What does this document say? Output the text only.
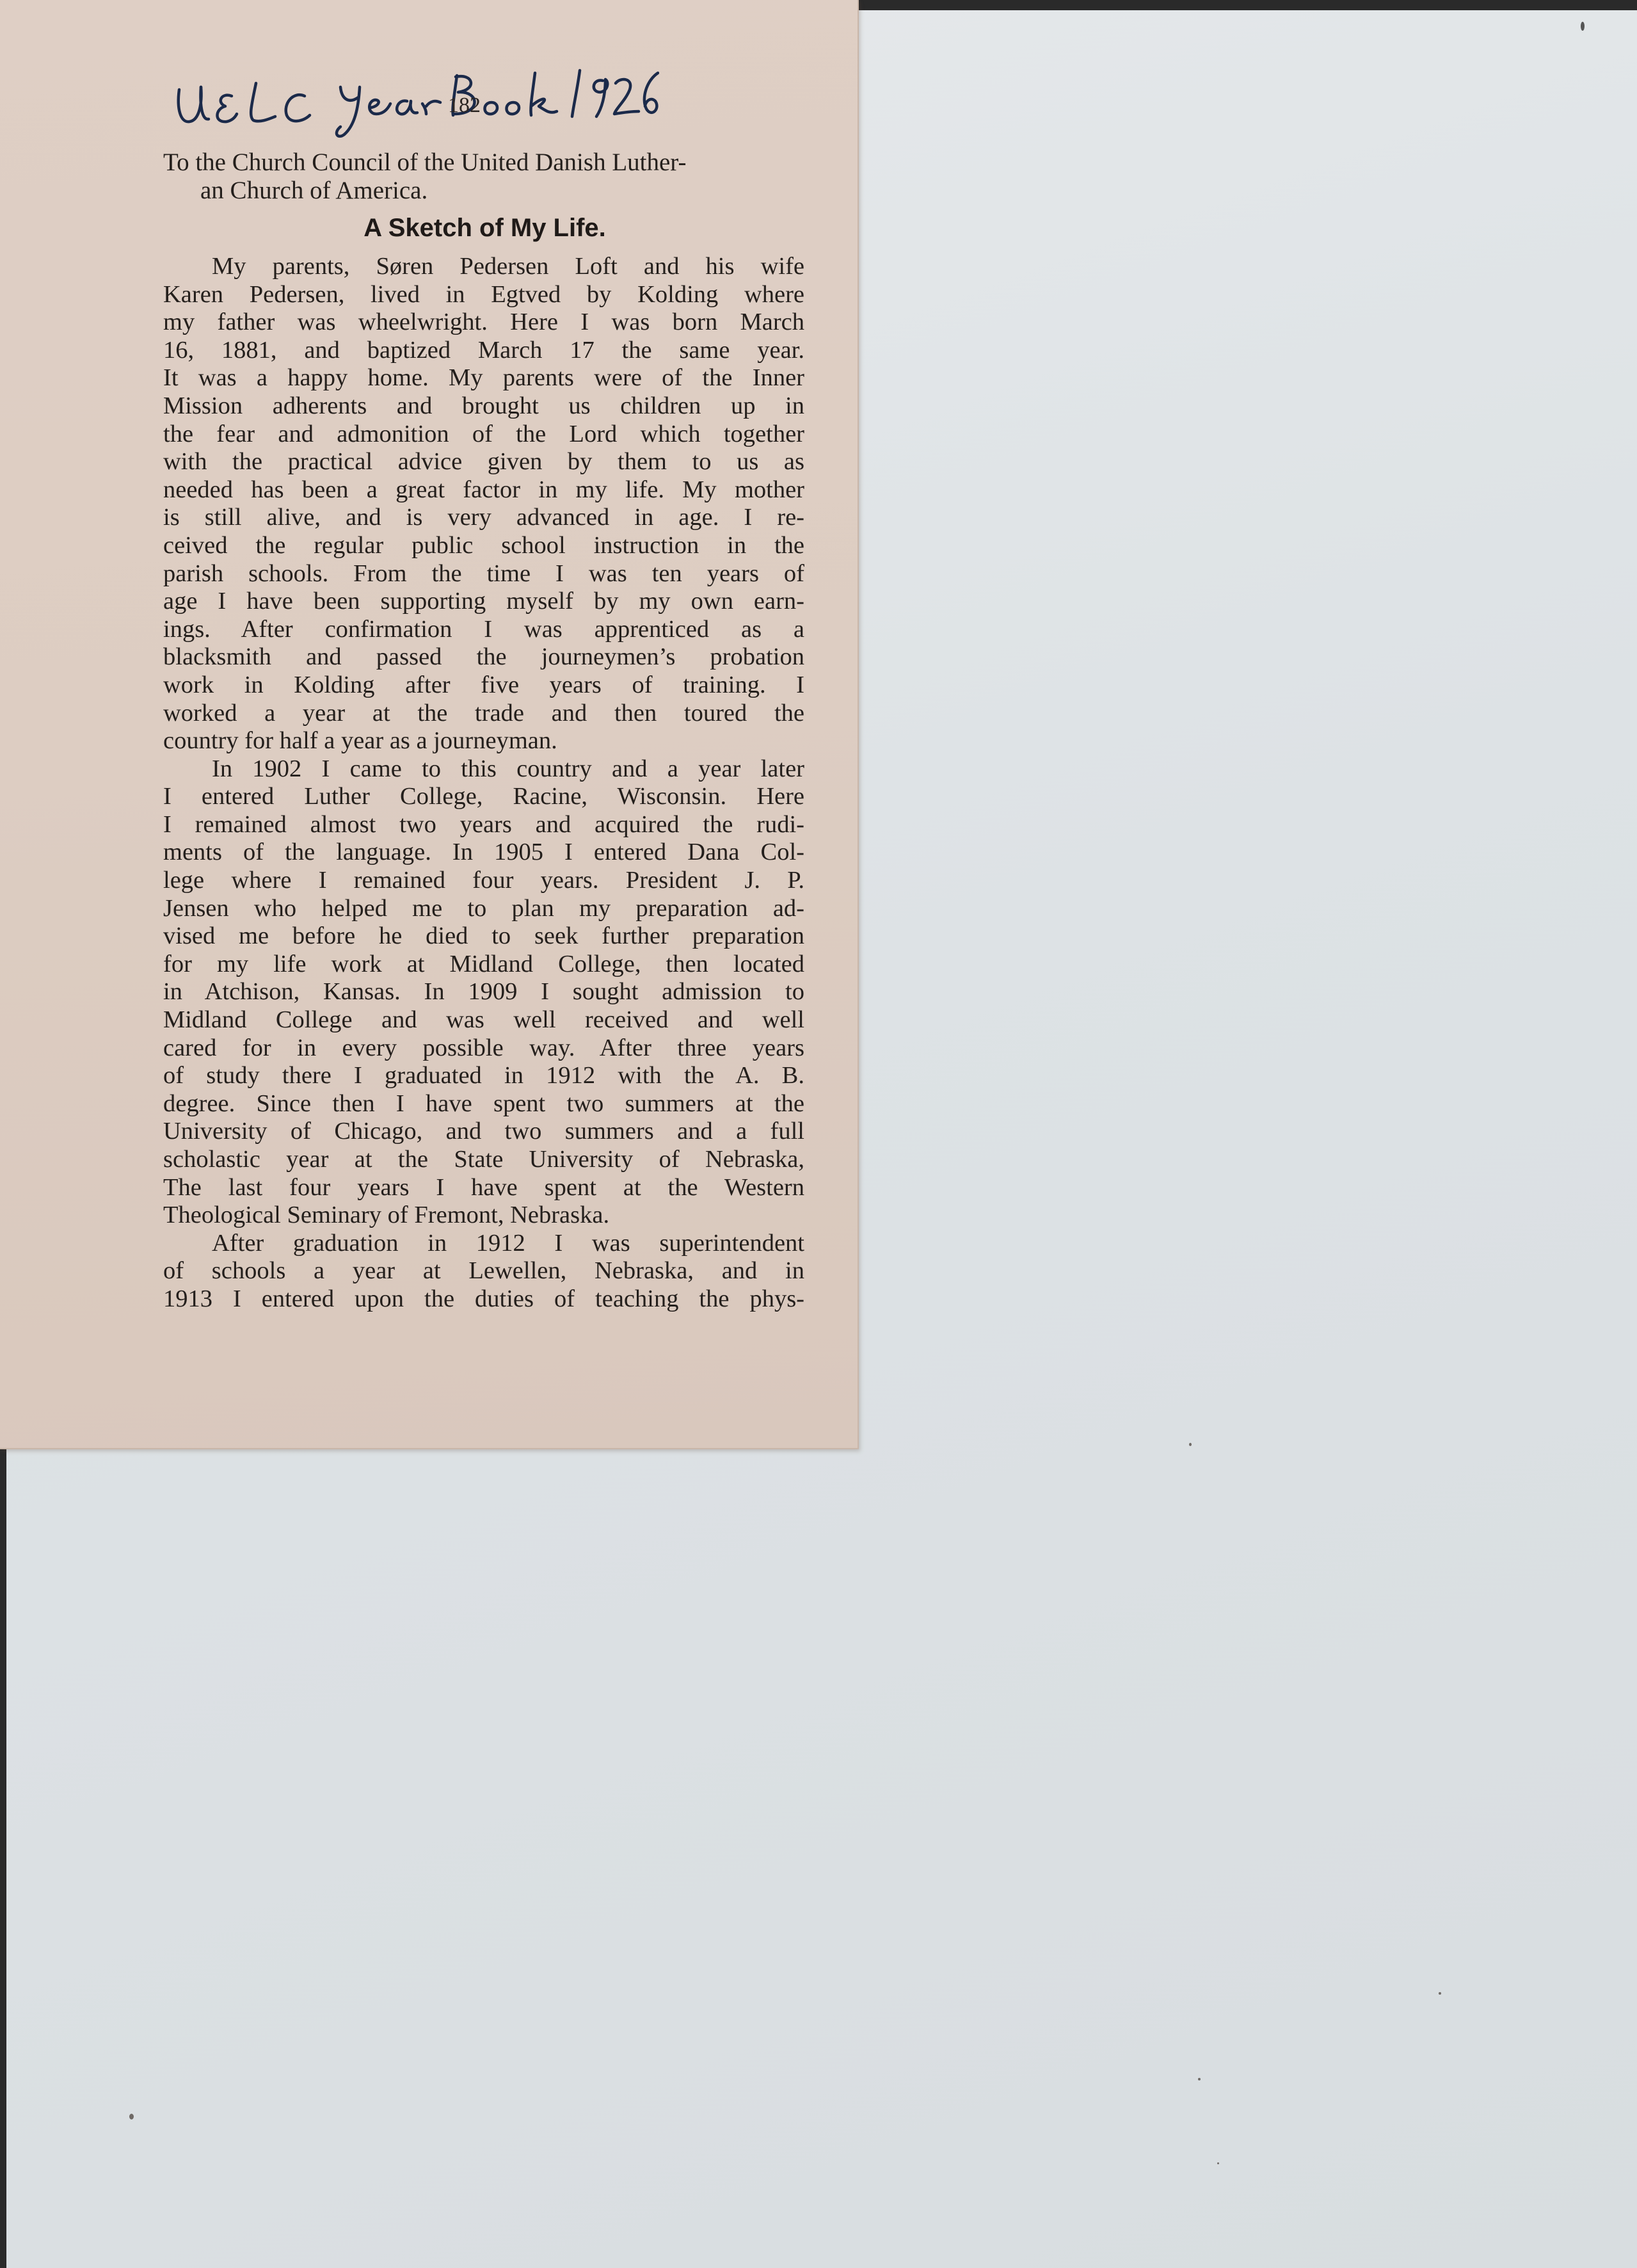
182
To the Church Council of the United Danish Luther-
an Church of America.
A Sketch of My Life.
My parents, Søren Pedersen Loft and his wife
Karen Pedersen, lived in Egtved by Kolding where
my father was wheelwright. Here I was born March
16, 1881, and baptized March 17 the same year.
It was a happy home. My parents were of the Inner
Mission adherents and brought us children up in
the fear and admonition of the Lord which together
with the practical advice given by them to us as
needed has been a great factor in my life. My mother
is still alive, and is very advanced in age. I re-
ceived the regular public school instruction in the
parish schools. From the time I was ten years of
age I have been supporting myself by my own earn-
ings. After confirmation I was apprenticed as a
blacksmith and passed the journeymen’s probation
work in Kolding after five years of training. I
worked a year at the trade and then toured the
country for half a year as a journeyman.
In 1902 I came to this country and a year later
I entered Luther College, Racine, Wisconsin. Here
I remained almost two years and acquired the rudi-
ments of the language. In 1905 I entered Dana Col-
lege where I remained four years. President J. P.
Jensen who helped me to plan my preparation ad-
vised me before he died to seek further preparation
for my life work at Midland College, then located
in Atchison, Kansas. In 1909 I sought admission to
Midland College and was well received and well
cared for in every possible way. After three years
of study there I graduated in 1912 with the A. B.
degree. Since then I have spent two summers at the
University of Chicago, and two summers and a full
scholastic year at the State University of Nebraska,
The last four years I have spent at the Western
Theological Seminary of Fremont, Nebraska.
After graduation in 1912 I was superintendent
of schools a year at Lewellen, Nebraska, and in
1913 I entered upon the duties of teaching the phys-
